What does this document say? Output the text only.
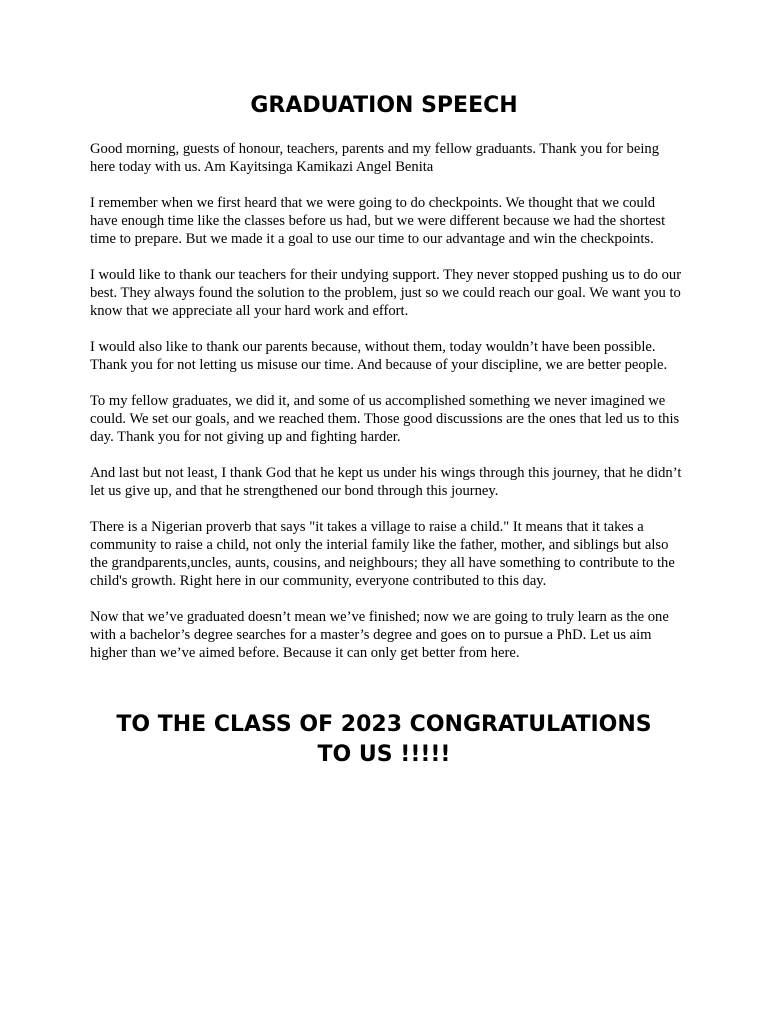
GRADUATION SPEECH

Good morning, guests of honour, teachers, parents and my fellow graduants. Thank you for being here today with us. Am Kayitsinga Kamikazi Angel Benita

I remember when we first heard that we were going to do checkpoints. We thought that we could have enough time like the classes before us had, but we were different because we had the shortest time to prepare. But we made it a goal to use our time to our advantage and win the checkpoints.

I would like to thank our teachers for their undying support. They never stopped pushing us to do our best. They always found the solution to the problem, just so we could reach our goal. We want you to know that we appreciate all your hard work and effort.

I would also like to thank our parents because, without them, today wouldn’t have been possible. Thank you for not letting us misuse our time. And because of your discipline, we are better people.

To my fellow graduates, we did it, and some of us accomplished something we never imagined we could. We set our goals, and we reached them. Those good discussions are the ones that led us to this day. Thank you for not giving up and fighting harder.

And last but not least, I thank God that he kept us under his wings through this journey, that he didn’t let us give up, and that he strengthened our bond through this journey.

There is a Nigerian proverb that says "it takes a village to raise a child." It means that it takes a community to raise a child, not only the interial family like the father, mother, and siblings but also the grandparents,uncles, aunts, cousins, and neighbours; they all have something to contribute to the child's growth. Right here in our community, everyone contributed to this day.

Now that we’ve graduated doesn’t mean we’ve finished; now we are going to truly learn as the one with a bachelor’s degree searches for a master’s degree and goes on to pursue a PhD. Let us aim higher than we’ve aimed before. Because it can only get better from here.

TO THE CLASS OF 2023 CONGRATULATIONS TO US !!!!!
